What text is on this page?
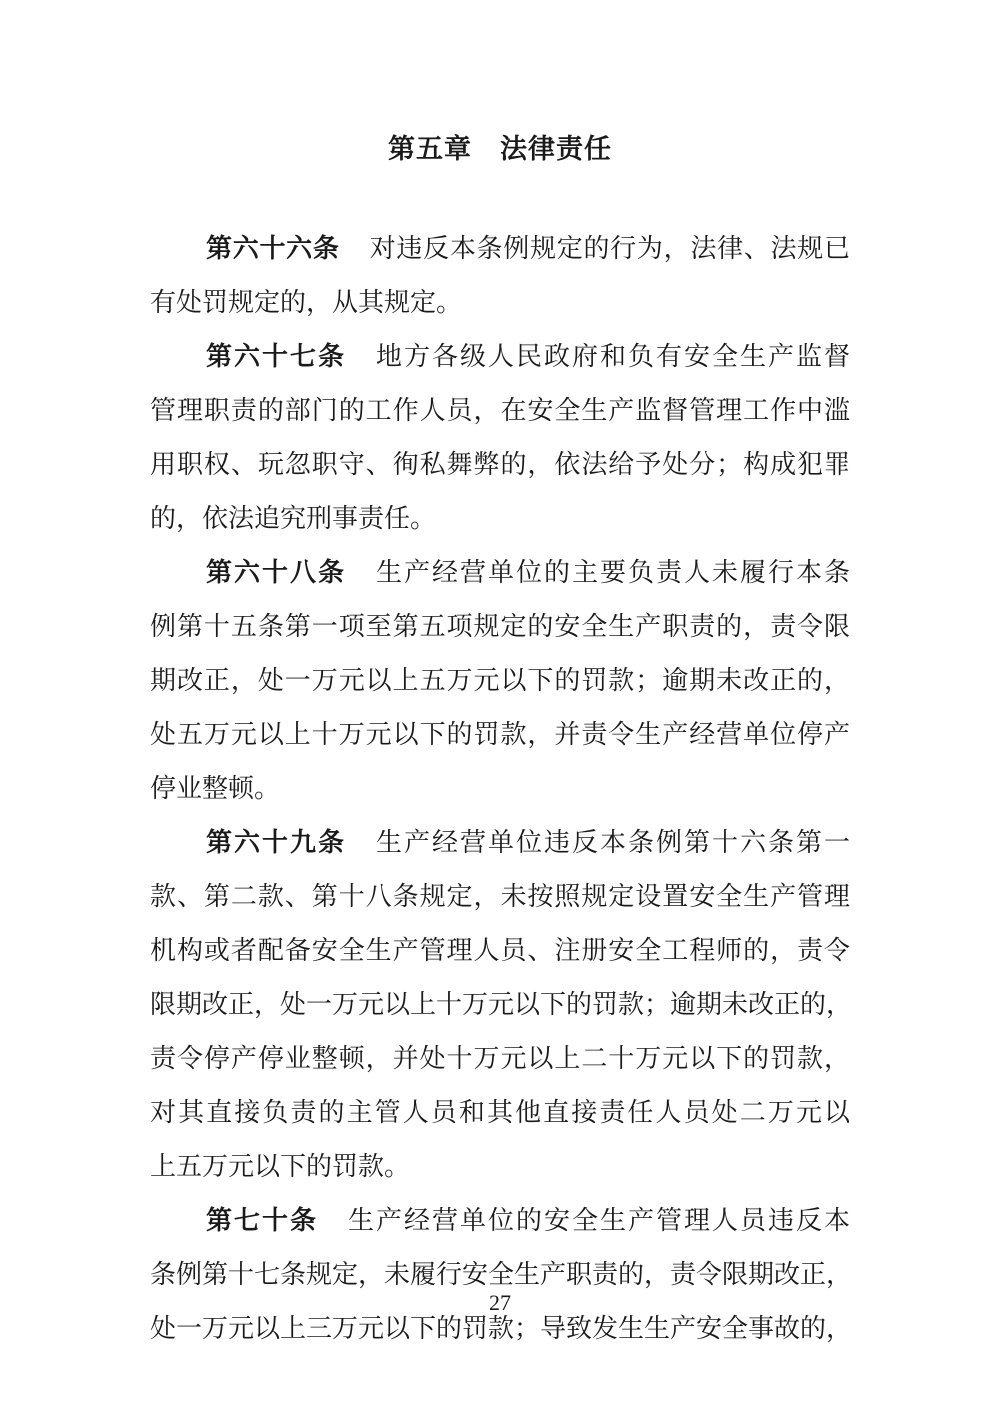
第五章　法律责任
第六十六条 对违反本条例规定的行为，法律、法规已
有处罚规定的，从其规定。
第六十七条 地方各级人民政府和负有安全生产监督
管理职责的部门的工作人员，在安全生产监督管理工作中滥
用职权、玩忽职守、徇私舞弊的，依法给予处分；构成犯罪
的，依法追究刑事责任。
第六十八条 生产经营单位的主要负责人未履行本条
例第十五条第一项至第五项规定的安全生产职责的，责令限
期改正，处一万元以上五万元以下的罚款；逾期未改正的，
处五万元以上十万元以下的罚款，并责令生产经营单位停产
停业整顿。
第六十九条 生产经营单位违反本条例第十六条第一
款、第二款、第十八条规定，未按照规定设置安全生产管理
机构或者配备安全生产管理人员、注册安全工程师的，责令
限期改正，处一万元以上十万元以下的罚款；逾期未改正的，
责令停产停业整顿，并处十万元以上二十万元以下的罚款，
对其直接负责的主管人员和其他直接责任人员处二万元以
上五万元以下的罚款。
第七十条 生产经营单位的安全生产管理人员违反本
条例第十七条规定，未履行安全生产职责的，责令限期改正，
处一万元以上三万元以下的罚款；导致发生生产安全事故的，
27
